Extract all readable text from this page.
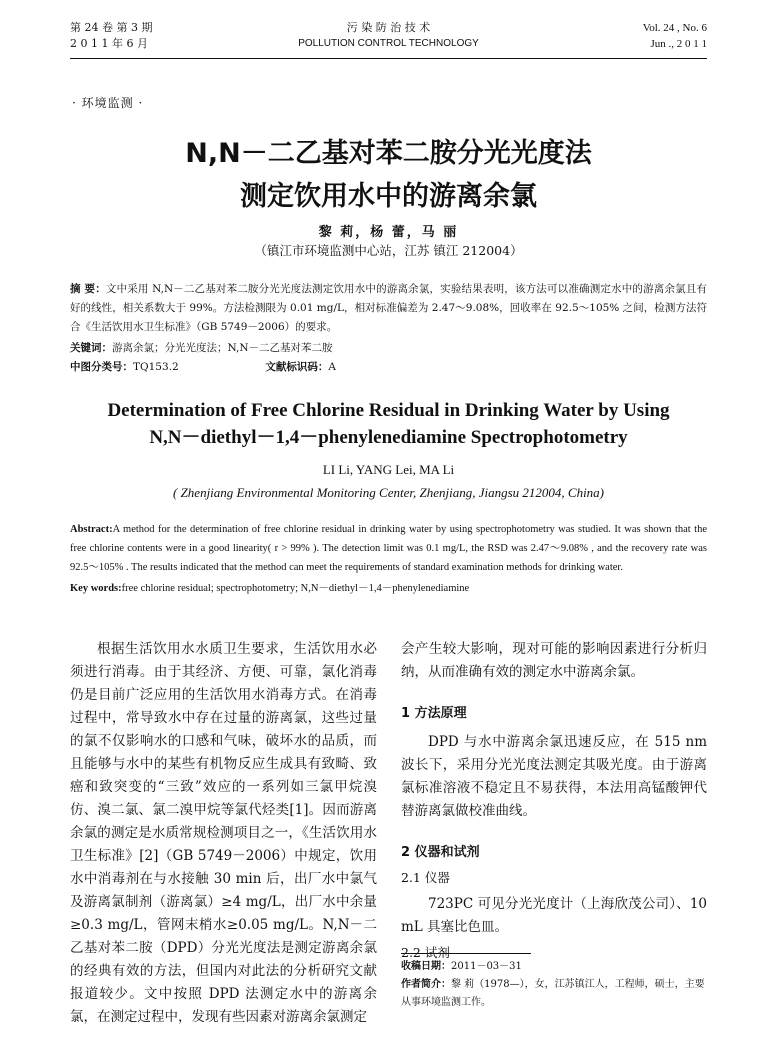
第 24 卷 第 3 期
2 0 1 1 年 6 月
污 染 防 治 技 术
POLLUTION CONTROL TECHNOLOGY
Vol. 24 , No. 6
Jun ., 2 0 1 1
· 环境监测 ·
N,N－二乙基对苯二胺分光光度法
测定饮用水中的游离余氯
黎 莉，杨 蕾，马 丽
（镇江市环境监测中心站，江苏 镇江 212004）
摘 要：文中采用 N,N－二乙基对苯二胺分光光度法测定饮用水中的游离余氯，实验结果表明，该方法可以准确测定水中的游离余氯且有好的线性，相关系数大于 99%。方法检测限为 0.01 mg/L，相对标准偏差为 2.47～9.08%，回收率在 92.5～105% 之间，检测方法符合《生活饮用水卫生标准》（GB 5749－2006）的要求。
关键词：游离余氯；分光光度法；N,N－二乙基对苯二胺
中图分类号：TQ153.2	文献标识码：A
Determination of Free Chlorine Residual in Drinking Water by Using
N,N－diethyl－1,4－phenylenediamine Spectrophotometry
LI Li, YANG Lei, MA Li
( Zhenjiang Environmental Monitoring Center, Zhenjiang, Jiangsu 212004, China)
Abstract:A method for the determination of free chlorine residual in drinking water by using spectrophotometry was studied. It was shown that the free chlorine contents were in a good linearity( r > 99% ). The detection limit was 0.1 mg/L, the RSD was 2.47～9.08% , and the recovery rate was 92.5～105% . The results indicated that the method can meet the requirements of standard examination methods for drinking water.
Key words:free chlorine residual; spectrophotometry; N,N－diethyl－1,4－phenylenediamine

根据生活饮用水水质卫生要求，生活饮用水必须进行消毒。由于其经济、方便、可靠，氯化消毒仍是目前广泛应用的生活饮用水消毒方式。在消毒过程中，常导致水中存在过量的游离氯，这些过量的氯不仅影响水的口感和气味，破坏水的品质，而且能够与水中的某些有机物反应生成具有致畸、致癌和致突变的“三致”效应的一系列如三氯甲烷溴仿、溴二氯、氯二溴甲烷等氯代烃类[1]。因而游离余氯的测定是水质常规检测项目之一，《生活饮用水卫生标准》[2]（GB 5749－2006）中规定，饮用水中消毒剂在与水接触 30 min 后，出厂水中氯气及游离氯制剂（游离氯）≥4 mg/L，出厂水中余量≥0.3 mg/L，管网末梢水≥0.05 mg/L。N,N－二乙基对苯二胺（DPD）分光光度法是测定游离余氯的经典有效的方法，但国内对此法的分析研究文献报道较少。文中按照 DPD 法测定水中的游离余氯，在测定过程中，发现有些因素对游离余氯测定

会产生较大影响，现对可能的影响因素进行分析归纳，从而准确有效的测定水中游离余氯。

1 方法原理

DPD 与水中游离余氯迅速反应，在 515 nm 波长下，采用分光光度法测定其吸光度。由于游离氯标准溶液不稳定且不易获得，本法用高锰酸钾代替游离氯做校准曲线。

2 仪器和试剂

2.1 仪器

723PC 可见分光光度计（上海欣茂公司）、10 mL 具塞比色皿。

2.2 试剂

收稿日期：2011－03－31
作者简介：黎 莉（1978—），女，江苏镇江人，工程师，硕士，主要从事环境监测工作。
